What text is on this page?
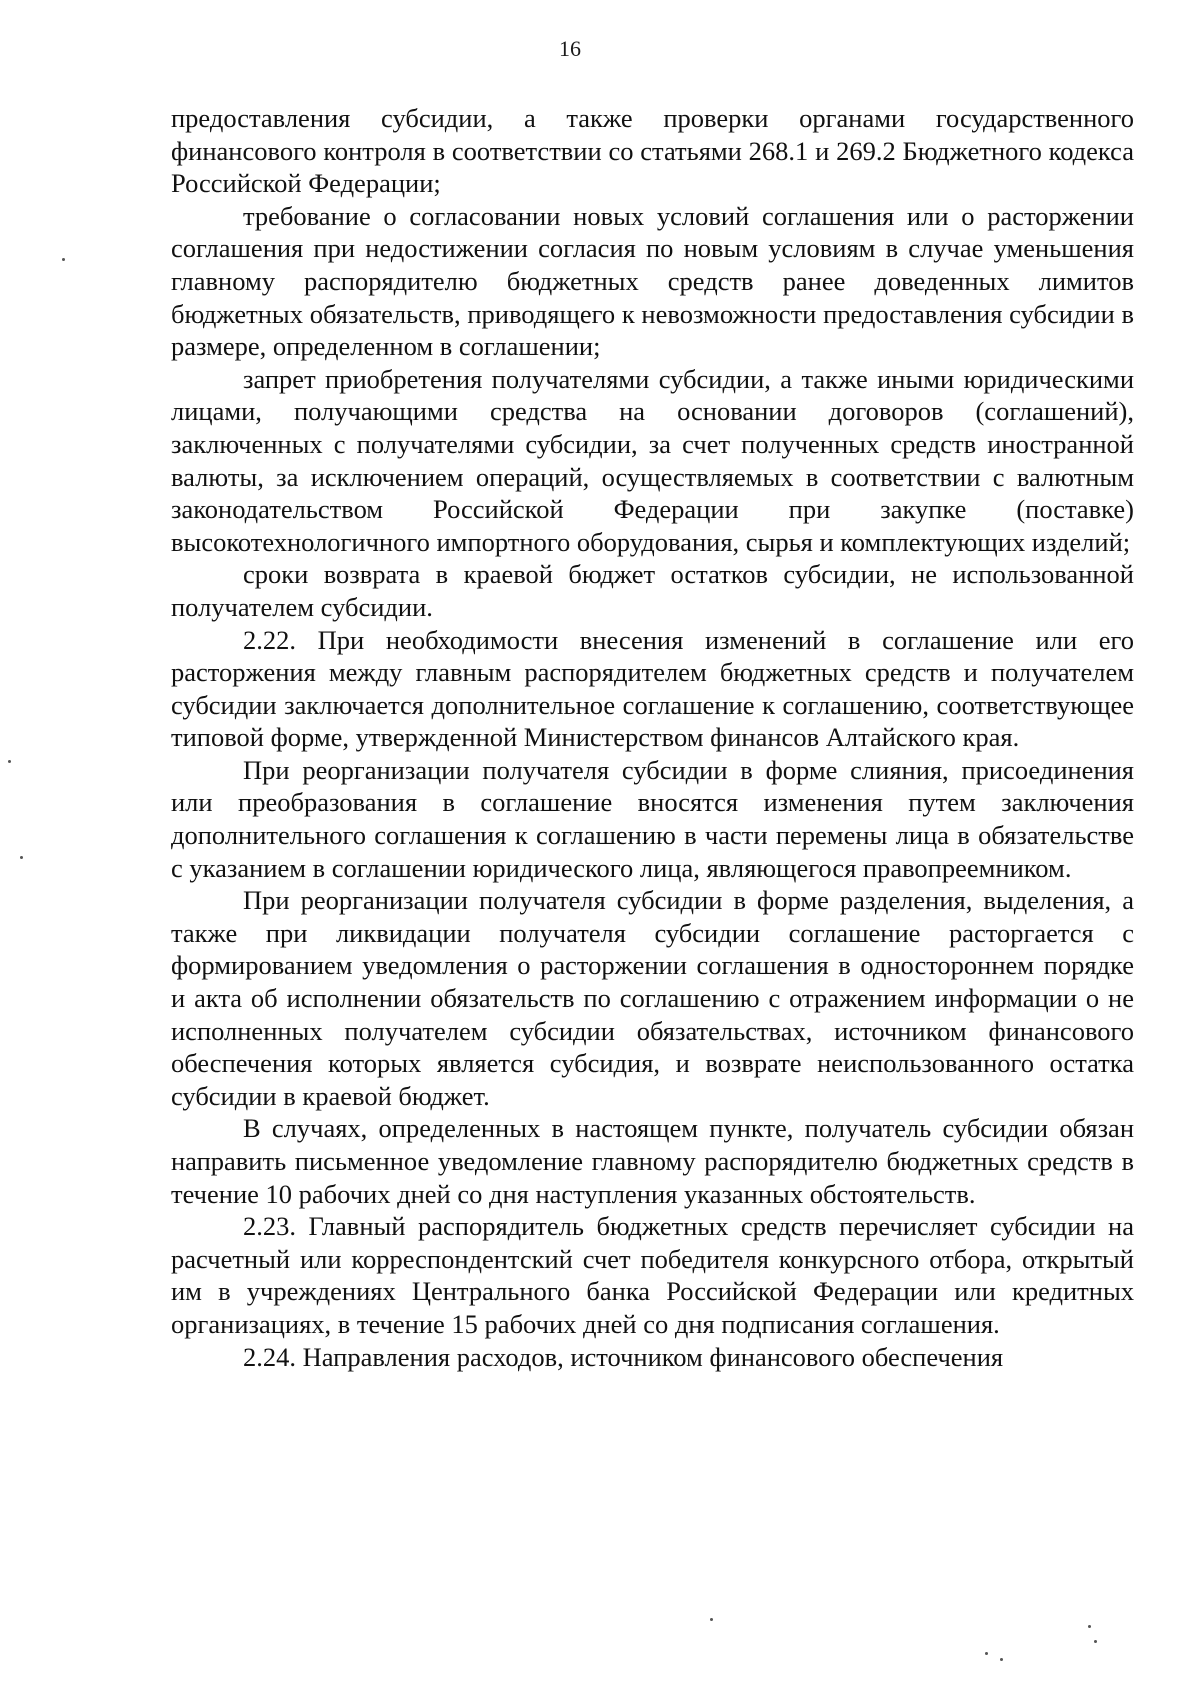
16

предоставления субсидии, а также проверки органами государственного финансового контроля в соответствии со статьями 268.1 и 269.2 Бюджетного кодекса Российской Федерации;

требование о согласовании новых условий соглашения или о расторжении соглашения при недостижении согласия по новым условиям в случае уменьшения главному распорядителю бюджетных средств ранее доведенных лимитов бюджетных обязательств, приводящего к невозможности предоставления субсидии в размере, определенном в соглашении;

запрет приобретения получателями субсидии, а также иными юридическими лицами, получающими средства на основании договоров (соглашений), заключенных с получателями субсидии, за счет полученных средств иностранной валюты, за исключением операций, осуществляемых в соответствии с валютным законодательством Российской Федерации при закупке (поставке) высокотехнологичного импортного оборудования, сырья и комплектующих изделий;

сроки возврата в краевой бюджет остатков субсидии, не использованной получателем субсидии.

2.22. При необходимости внесения изменений в соглашение или его расторжения между главным распорядителем бюджетных средств и получателем субсидии заключается дополнительное соглашение к соглашению, соответствующее типовой форме, утвержденной Министерством финансов Алтайского края.

При реорганизации получателя субсидии в форме слияния, присоединения или преобразования в соглашение вносятся изменения путем заключения дополнительного соглашения к соглашению в части перемены лица в обязательстве с указанием в соглашении юридического лица, являющегося правопреемником.

При реорганизации получателя субсидии в форме разделения, выделения, а также при ликвидации получателя субсидии соглашение расторгается с формированием уведомления о расторжении соглашения в одностороннем порядке и акта об исполнении обязательств по соглашению с отражением информации о не исполненных получателем субсидии обязательствах, источником финансового обеспечения которых является субсидия, и возврате неиспользованного остатка субсидии в краевой бюджет.

В случаях, определенных в настоящем пункте, получатель субсидии обязан направить письменное уведомление главному распорядителю бюджетных средств в течение 10 рабочих дней со дня наступления указанных обстоятельств.

2.23. Главный распорядитель бюджетных средств перечисляет субсидии на расчетный или корреспондентский счет победителя конкурсного отбора, открытый им в учреждениях Центрального банка Российской Федерации или кредитных организациях, в течение 15 рабочих дней со дня подписания соглашения.

2.24. Направления расходов, источником финансового обеспечения
